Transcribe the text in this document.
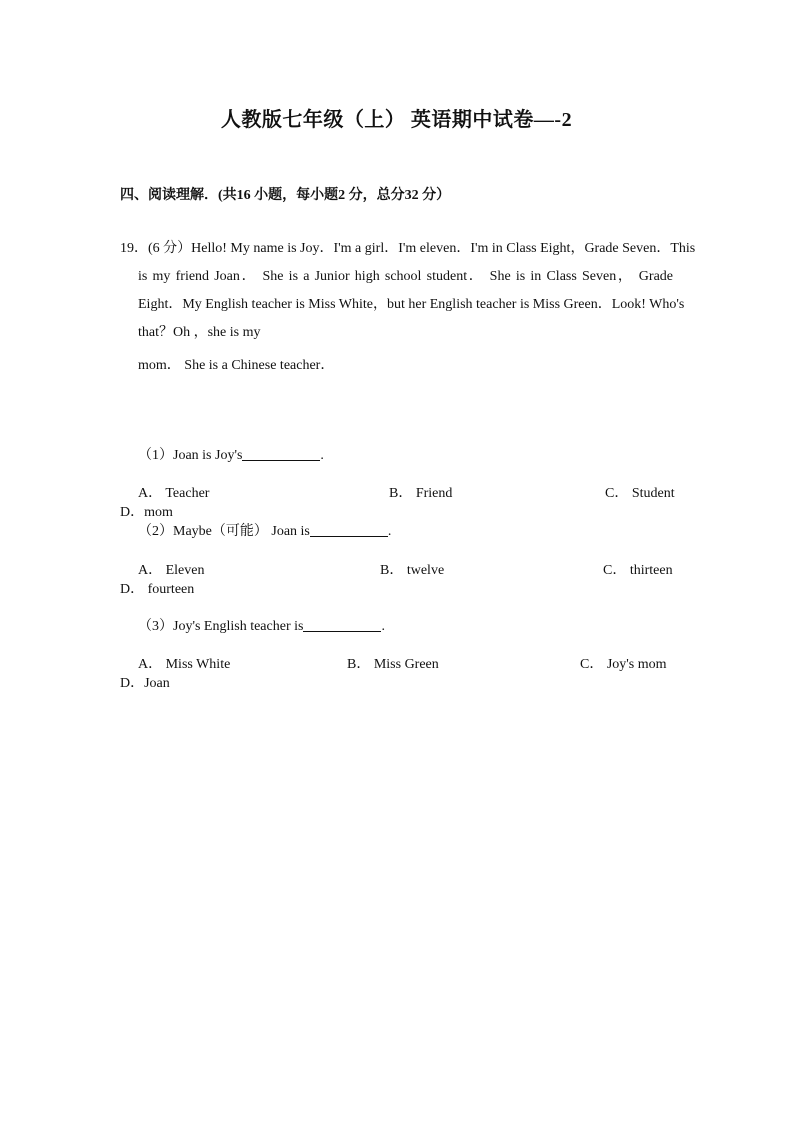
人教版七年级（上） 英语期中试卷—-2
四、阅读理解．(共16 小题，每小题2 分，总分32 分）
19．(6 分）Hello! My name is Joy．I'm a girl．I'm eleven．I'm in Class Eight，Grade Seven．This
is my friend Joan． She is a Junior high school student． She is in Class Seven， Grade
Eight．My English teacher is Miss White，but her English teacher is Miss Green．Look! Who's
that？Oh ，she is my
mom． She is a Chinese teacher．
（1）Joan is Joy's	.
A． Teacher	B． Friend	C． Student
D．mom
（2）Maybe（可能） Joan is	.
A． Eleven	B． twelve	C． thirteen
D． fourteen
（3）Joy's English teacher is	.
A． Miss White	B． Miss Green	C． Joy's mom
D．Joan
